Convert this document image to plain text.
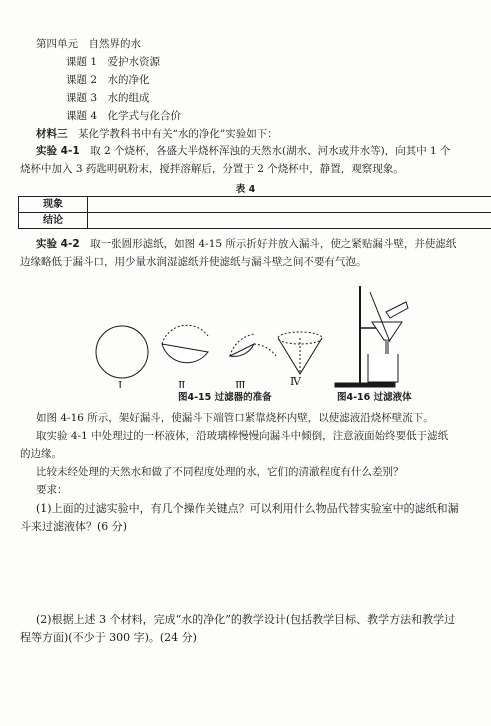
第四单元　自然界的水

课题 1　爱护水资源

课题 2　水的净化

课题 3　水的组成

课题 4　化学式与化合价

材料三　 某化学教科书中有关“水的净化”实验如下：

实验 4-1　 取 2 个烧杯，各盛大半烧杯浑浊的天然水(湖水、河水或井水等)，向其中 1 个

烧杯中加入 3 药匙明矾粉末，搅拌溶解后，分置于 2 个烧杯中，静置，观察现象。

表 4

现象	
结论	

实验 4-2　 取一张圆形滤纸，如图 4-15 所示折好并放入漏斗，使之紧贴漏斗壁，并使滤纸

边缘略低于漏斗口，用少量水润湿滤纸并使滤纸与漏斗壁之间不要有气泡。

Ⅰ	Ⅱ	Ⅲ	Ⅳ

图4-15 过滤器的准备	图4-16 过滤液体

如图 4-16 所示，架好漏斗，使漏斗下端管口紧靠烧杯内壁，以使滤液沿烧杯壁流下。

取实验 4-1 中处理过的一杯液体，沿玻璃棒慢慢向漏斗中倾倒，注意液面始终要低于滤纸

的边缘。

比较未经处理的天然水和做了不同程度处理的水，它们的清澈程度有什么差别？

要求：

(1)上面的过滤实验中，有几个操作关键点？可以利用什么物品代替实验室中的滤纸和漏

斗来过滤液体？(6 分)

(2)根据上述 3 个材料，完成“水的净化”的教学设计(包括教学目标、教学方法和教学过

程等方面)(不少于 300 字)。(24 分)
